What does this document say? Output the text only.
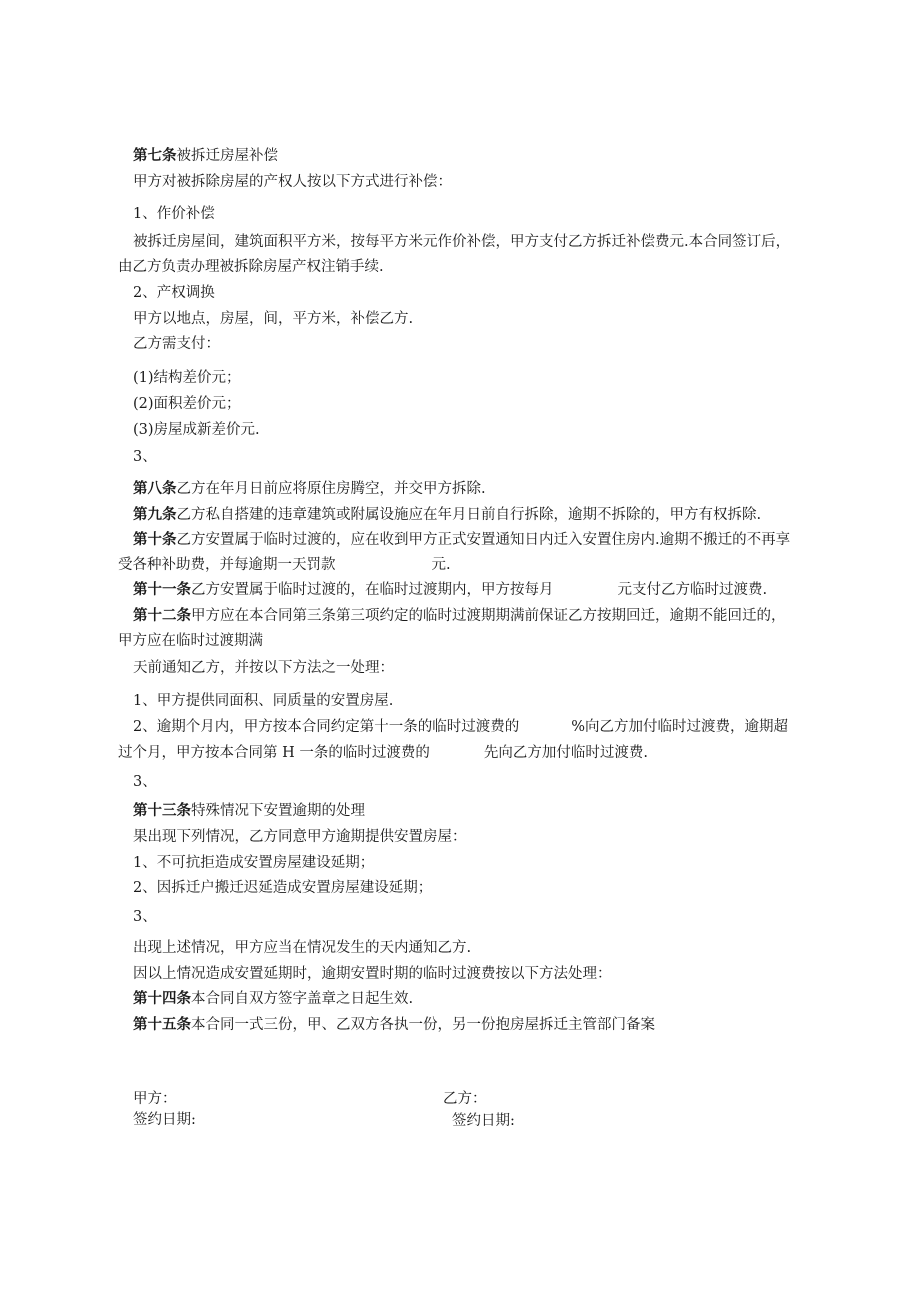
第七条被拆迁房屋补偿
甲方对被拆除房屋的产权人按以下方式进行补偿：
1、作价补偿
被拆迁房屋间，建筑面积平方米，按每平方米元作价补偿，甲方支付乙方拆迁补偿费元.本合同签订后，
由乙方负责办理被拆除房屋产权注销手续.
2、产权调换
甲方以地点，房屋，间，平方米，补偿乙方.
乙方需支付：
(1)结构差价元；
(2)面积差价元；
(3)房屋成新差价元.
3、
第八条乙方在年月日前应将原住房腾空，并交甲方拆除.
第九条乙方私自搭建的违章建筑或附属设施应在年月日前自行拆除，逾期不拆除的，甲方有权拆除.
第十条乙方安置属于临时过渡的，应在收到甲方正式安置通知日内迁入安置住房内.逾期不搬迁的不再享
受各种补助费，并每逾期一天罚款	元.
第十一条乙方安置属于临时过渡的，在临时过渡期内，甲方按每月	元支付乙方临时过渡费.
第十二条甲方应在本合同第三条第三项约定的临时过渡期期满前保证乙方按期回迁，逾期不能回迁的，
甲方应在临时过渡期满
天前通知乙方，并按以下方法之一处理：
1、甲方提供同面积、同质量的安置房屋.
2、逾期个月内，甲方按本合同约定第十一条的临时过渡费的	%向乙方加付临时过渡费，逾期超
过个月，甲方按本合同第 H 一条的临时过渡费的	先向乙方加付临时过渡费.
3、
第十三条特殊情况下安置逾期的处理
果出现下列情况，乙方同意甲方逾期提供安置房屋：
1、不可抗拒造成安置房屋建设延期；
2、因拆迁户搬迁迟延造成安置房屋建设延期；
3、
出现上述情况，甲方应当在情况发生的天内通知乙方.
因以上情况造成安置延期时，逾期安置时期的临时过渡费按以下方法处理：
第十四条本合同自双方签字盖章之日起生效.
第十五条本合同一式三份，甲、乙双方各执一份，另一份抱房屋拆迁主管部门备案
甲方：	乙方：
签约日期:	签约日期:
